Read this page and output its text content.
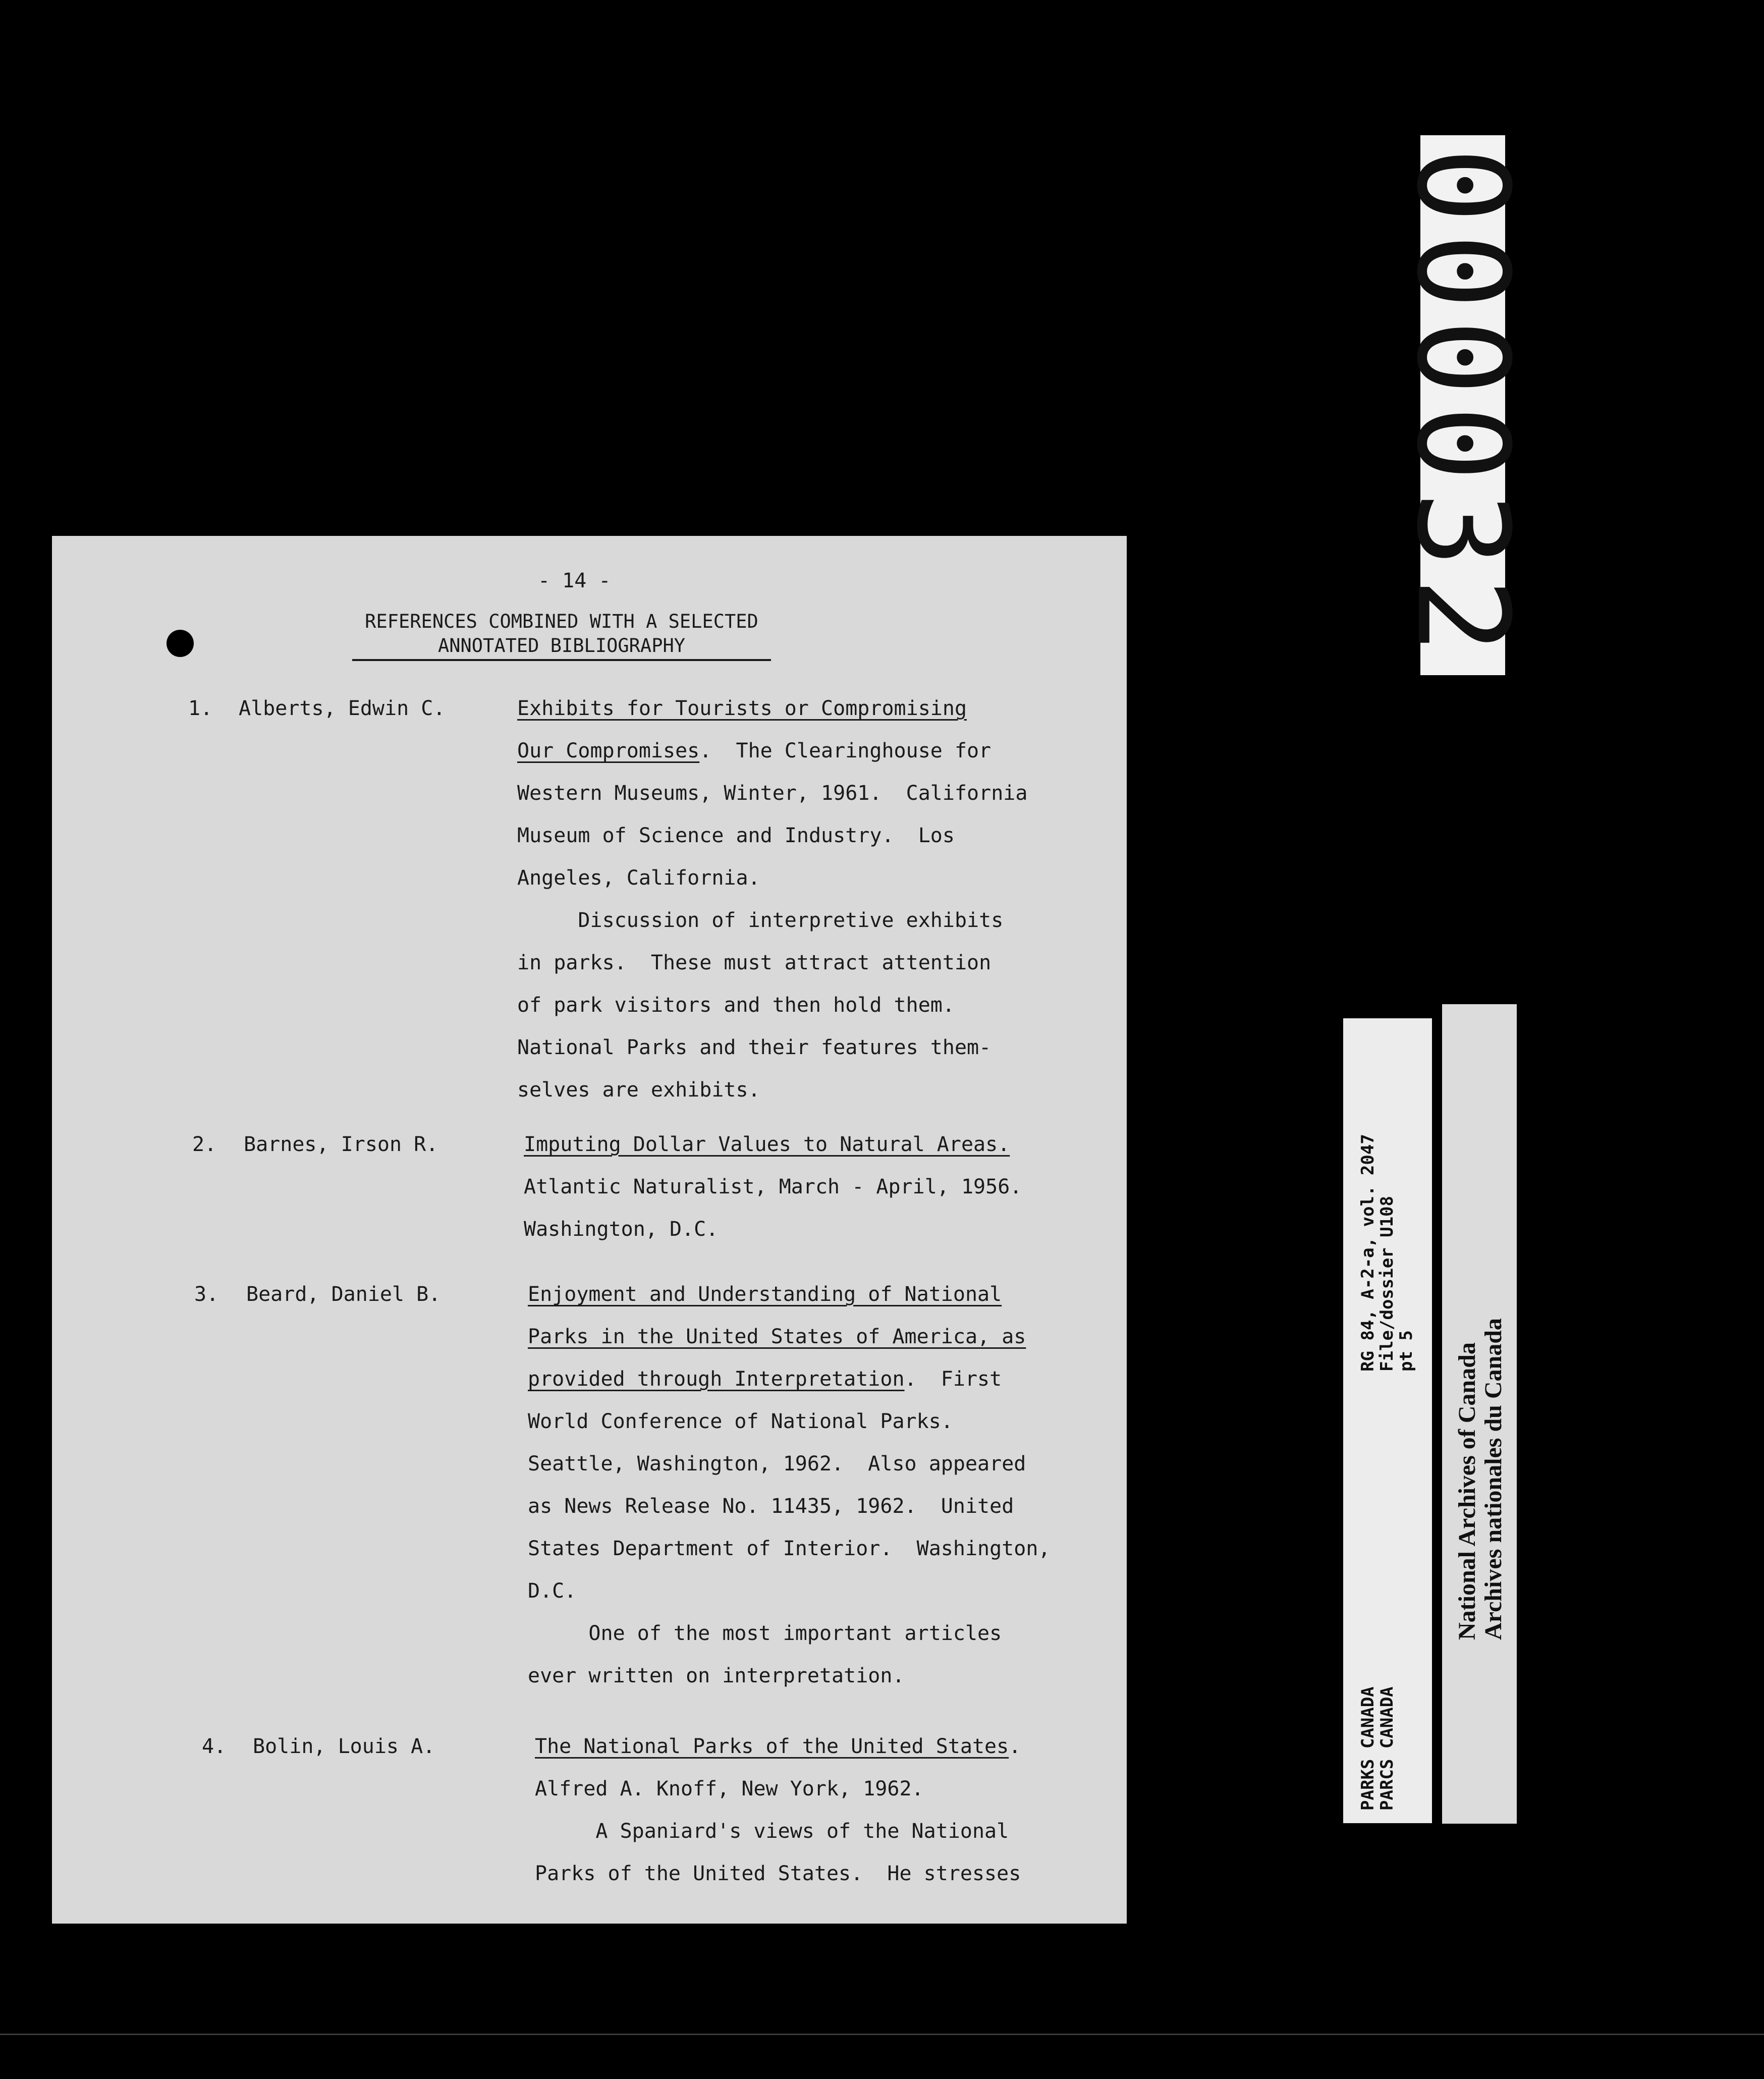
- 14 -
REFERENCES COMBINED WITH A SELECTED
ANNOTATED BIBLIOGRAPHY
1. Alberts, Edwin C.	Exhibits for Tourists or Compromising
Our Compromises.  The Clearinghouse for
Western Museums, Winter, 1961.  California
Museum of Science and Industry.  Los
Angeles, California.
Discussion of interpretive exhibits
in parks.  These must attract attention
of park visitors and then hold them.
National Parks and their features them-
selves are exhibits.
2. Barnes, Irson R.	Imputing Dollar Values to Natural Areas.
Atlantic Naturalist, March - April, 1956.
Washington, D.C.
3. Beard, Daniel B.	Enjoyment and Understanding of National
Parks in the United States of America, as
provided through Interpretation.  First
World Conference of National Parks.
Seattle, Washington, 1962.  Also appeared
as News Release No. 11435, 1962.  United
States Department of Interior.  Washington,
D.C.
One of the most important articles
ever written on interpretation.
4. Bolin, Louis A.	The National Parks of the United States.
Alfred A. Knoff, New York, 1962.
A Spaniard's views of the National
Parks of the United States.  He stresses
000032
RG 84, A-2-a, vol. 2047
File/dossier U108
pt 5
PARKS CANADA
PARCS CANADA
National Archives of Canada Archives nationales du Canada
